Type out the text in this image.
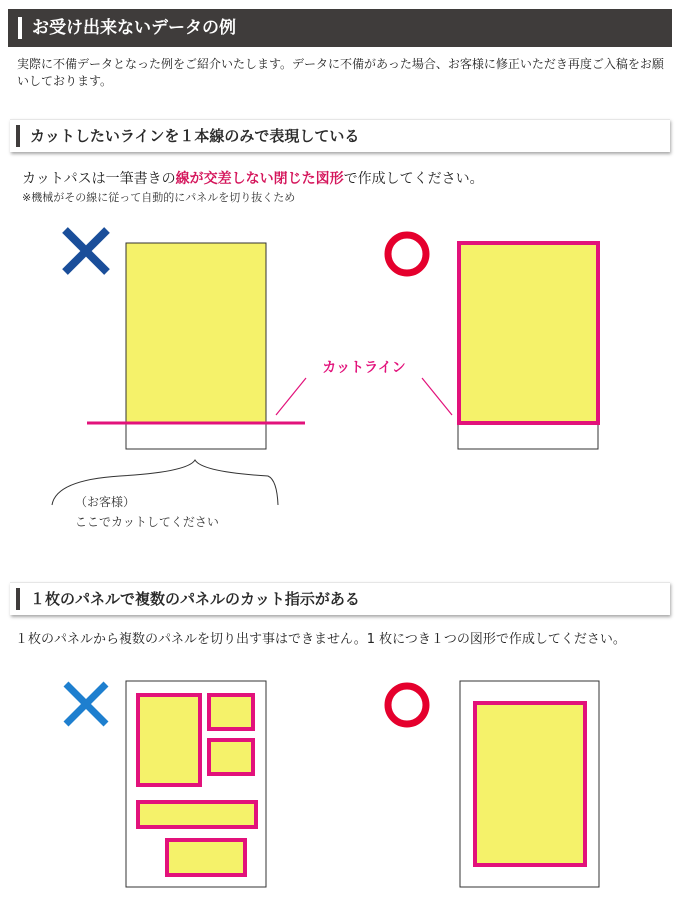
お受け出来ないデータの例
実際に不備データとなった例をご紹介いたします。データに不備があった場合、お客様に修正いただき再度ご入稿をお願いしております。
カットしたいラインを１本線のみで表現している
カットパスは一筆書きの線が交差しない閉じた図形で作成してください。
※機械がその線に従って自動的にパネルを切り抜くため
カットライン
（お客様）
ここでカットしてください
１枚のパネルで複数のパネルのカット指示がある
１枚のパネルから複数のパネルを切り出す事はできません。1 枚につき１つの図形で作成してください。
